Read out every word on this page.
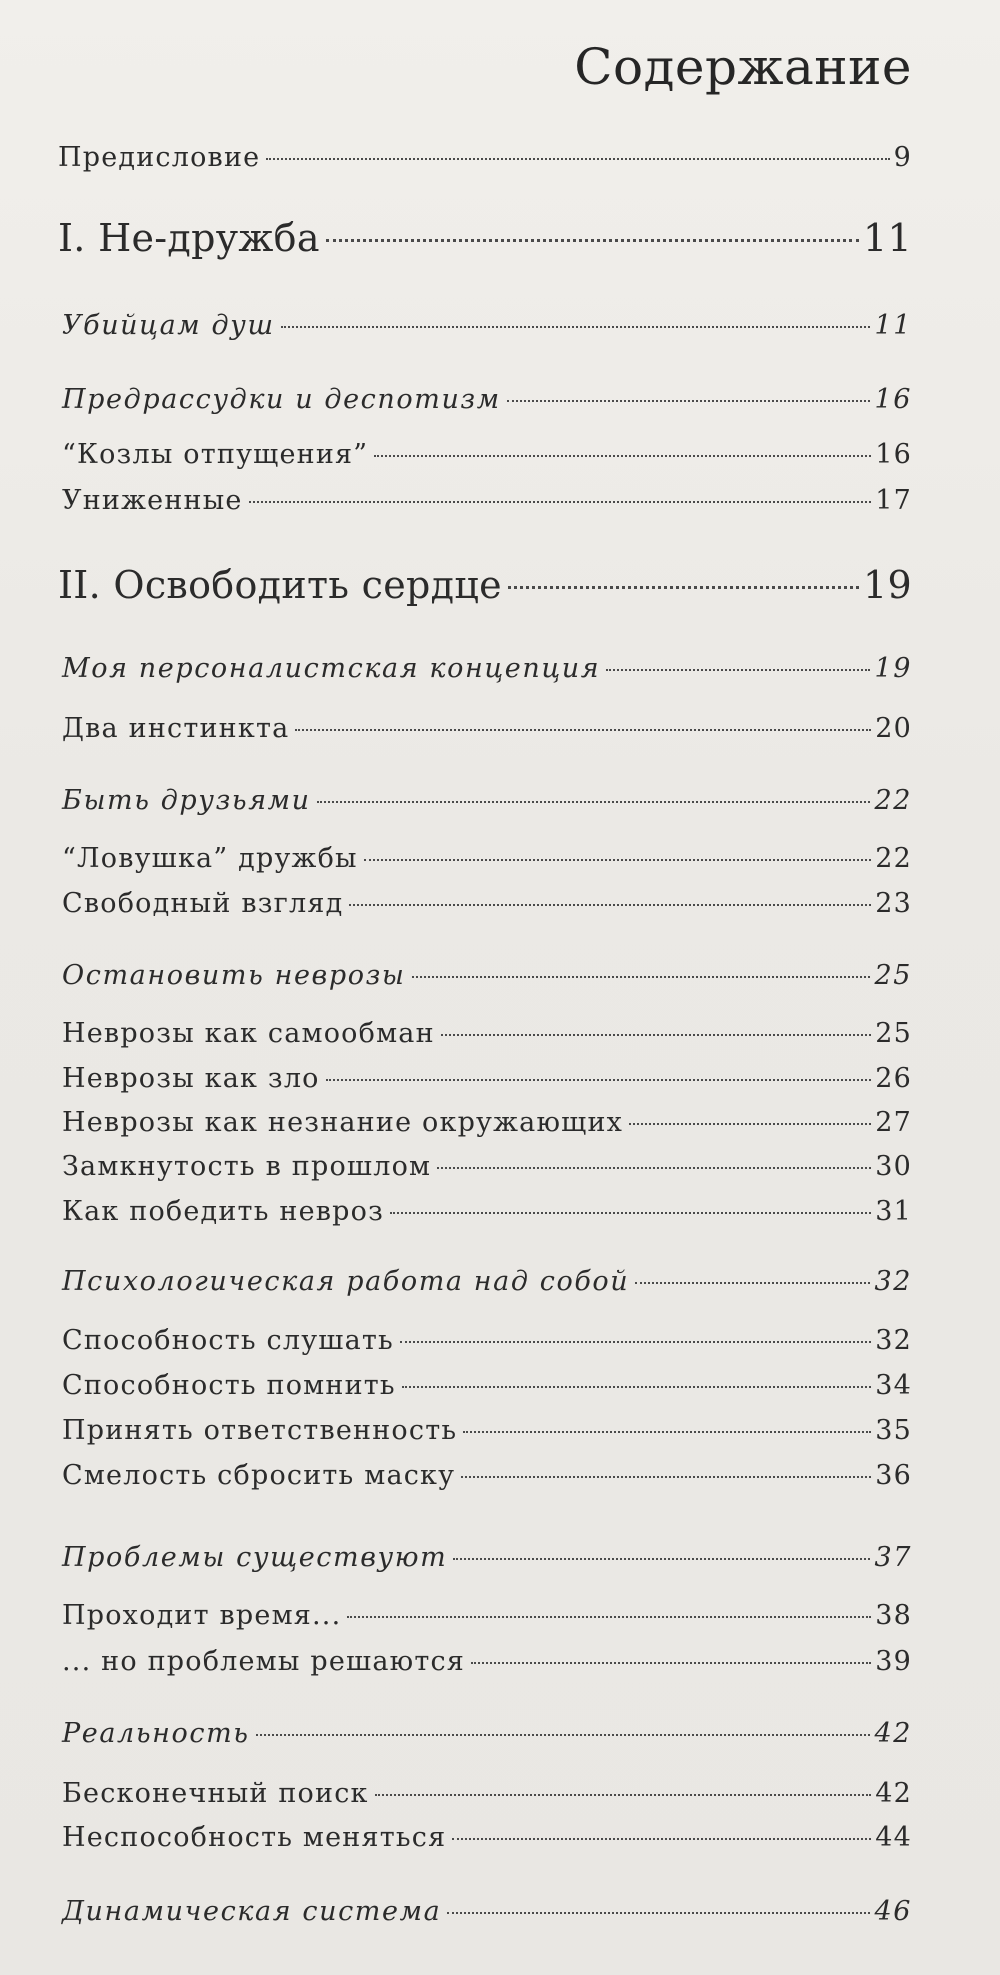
Содержание
Предисловие	9
I. Не-дружба	11
Убийцам душ	11
Предрассудки и деспотизм	16
“Козлы отпущения”	16
Униженные	17
II. Освободить сердце	19
Моя персоналистская концепция	19
Два инстинкта	20
Быть друзьями	22
“Ловушка” дружбы	22
Свободный взгляд	23
Остановить неврозы	25
Неврозы как самообман	25
Неврозы как зло	26
Неврозы как незнание окружающих	27
Замкнутость в прошлом	30
Как победить невроз	31
Психологическая работа над собой	32
Способность слушать	32
Способность помнить	34
Принять ответственность	35
Смелость сбросить маску	36
Проблемы существуют	37
Проходит время...	38
... но проблемы решаются	39
Реальность	42
Бесконечный поиск	42
Неспособность меняться	44
Динамическая система	46
